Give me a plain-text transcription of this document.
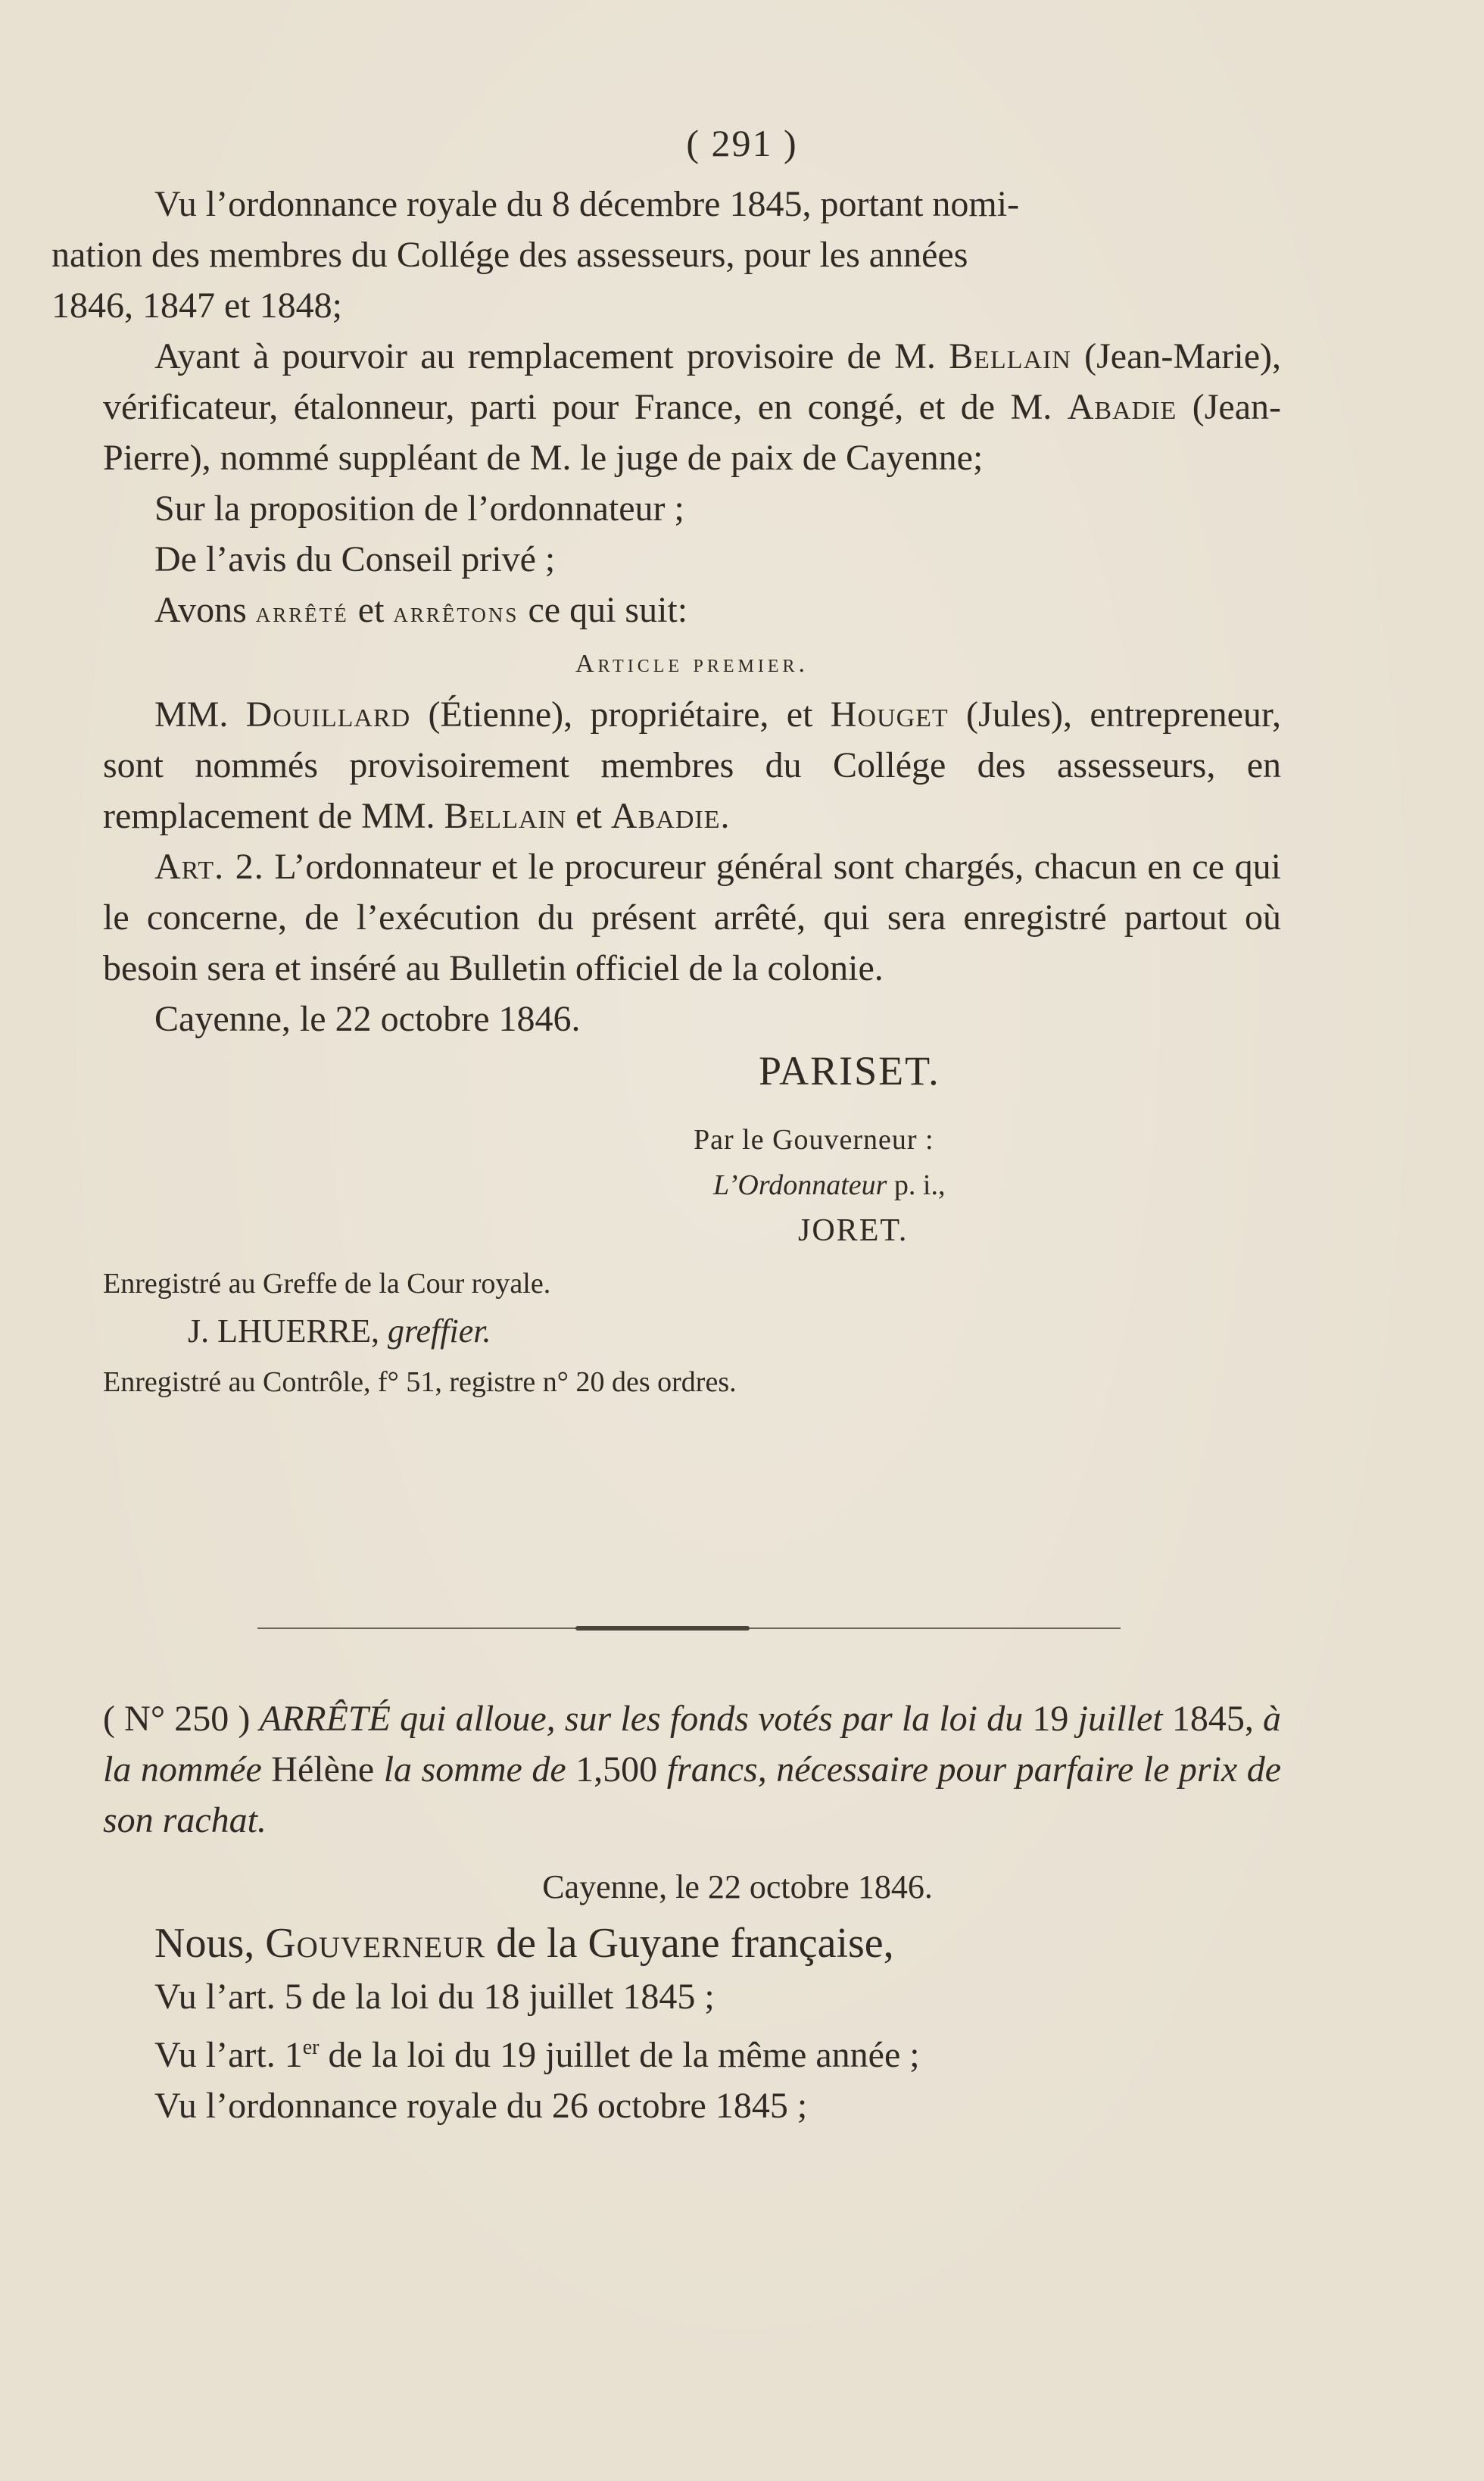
( 291 )

Vu l’ordonnance royale du 8 décembre 1845, portant nomi-
nation des membres du Collége des assesseurs, pour les années
1846, 1847 et 1848;

Ayant à pourvoir au remplacement provisoire de M. Bellain (Jean-Marie), vérificateur, étalonneur, parti pour France, en congé, et de M. Abadie (Jean-Pierre), nommé suppléant de M. le juge de paix de Cayenne;

Sur la proposition de l’ordonnateur ;

De l’avis du Conseil privé ;

Avons arrêté et arrêtons ce qui suit:

Article premier.

MM. Douillard (Étienne), propriétaire, et Houget (Jules), entrepreneur, sont nommés provisoirement membres du Collége des assesseurs, en remplacement de MM. Bellain et Abadie.

Art. 2. L’ordonnateur et le procureur général sont chargés, chacun en ce qui le concerne, de l’exécution du présent arrêté, qui sera enregistré partout où besoin sera et inséré au Bulletin officiel de la colonie.

Cayenne, le 22 octobre 1846.

PARISET.

Par le Gouverneur :

L’Ordonnateur p. i.,

JORET.

Enregistré au Greffe de la Cour royale.

J. LHUERRE, greffier.

Enregistré au Contrôle, f° 51, registre n° 20 des ordres.

( N° 250 ) ARRÊTÉ qui alloue, sur les fonds votés par la loi du 19 juillet 1845, à la nommée Hélène la somme de 1,500 francs, nécessaire pour parfaire le prix de son rachat.

Cayenne, le 22 octobre 1846.

Nous, Gouverneur de la Guyane française,

Vu l’art. 5 de la loi du 18 juillet 1845 ;

Vu l’art. 1er de la loi du 19 juillet de la même année ;

Vu l’ordonnance royale du 26 octobre 1845 ;
